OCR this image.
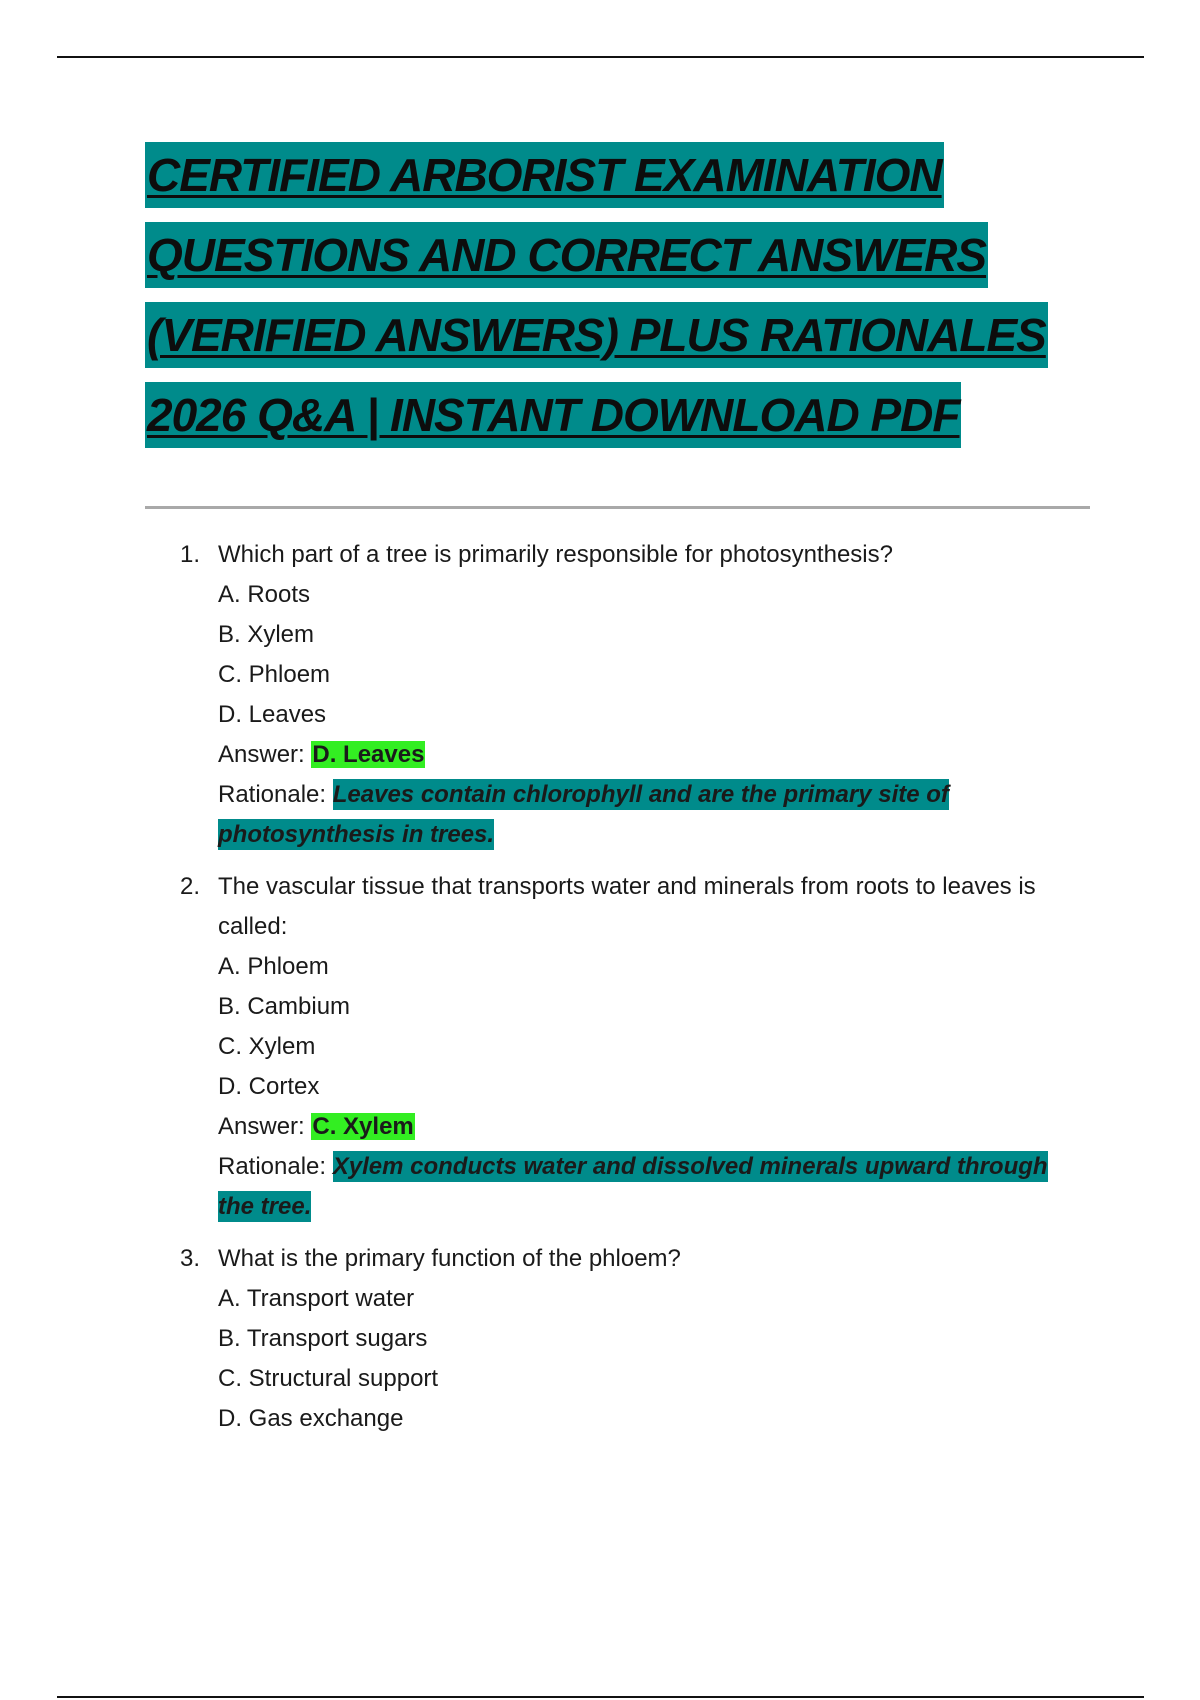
CERTIFIED ARBORIST EXAMINATION
QUESTIONS AND CORRECT ANSWERS
(VERIFIED ANSWERS) PLUS RATIONALES
2026 Q&A | INSTANT DOWNLOAD PDF
1. Which part of a tree is primarily responsible for photosynthesis?
A. Roots
B. Xylem
C. Phloem
D. Leaves
Answer: D. Leaves
Rationale: Leaves contain chlorophyll and are the primary site of photosynthesis in trees.
2. The vascular tissue that transports water and minerals from roots to leaves is called:
A. Phloem
B. Cambium
C. Xylem
D. Cortex
Answer: C. Xylem
Rationale: Xylem conducts water and dissolved minerals upward through the tree.
3. What is the primary function of the phloem?
A. Transport water
B. Transport sugars
C. Structural support
D. Gas exchange
